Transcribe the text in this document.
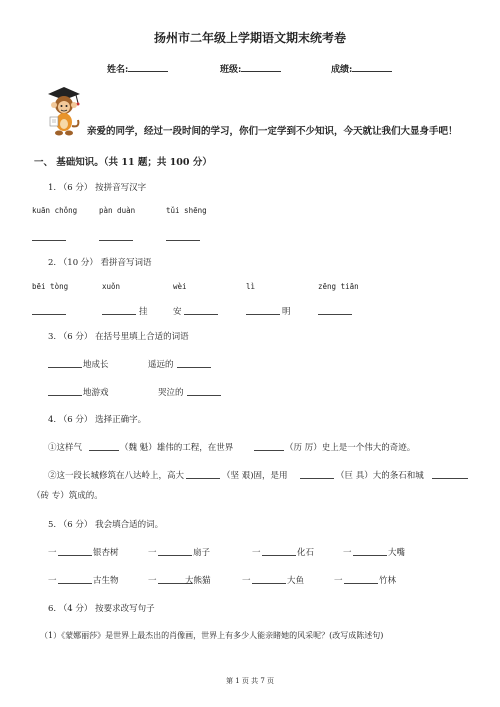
扬州市二年级上学期语文期末统考卷
姓名:	班级:	成绩:
亲爱的同学，经过一段时间的学习，你们一定学到不少知识，今天就让我们大显身手吧！
一、 基础知识。（共 11 题；共 100 分）
1. （6 分） 按拼音写汉字
kuān chǒng	pàn duàn	tǔi shēng
2. （10 分） 看拼音写词语
bēi tòng	xuǒn	wèi	lì	zēng tiān
挂	安	明
3. （6 分） 在括号里填上合适的词语
地成长	遥远的
地游戏	哭泣的
4. （6 分） 选择正确字。
①这样气	（魏 魁）雄伟的工程，在世界	（历 厉）史上是一个伟大的奇迹。
②这一段长城修筑在八达岭上，高大	（坚 艰)固，是用	（巨 具）大的条石和城
（砖 专）筑成的。
5. （6 分） 我会填合适的词。
一	银杏树	一	扇子	一	化石	一	大嘴
一	古生物	一	大熊猫	一	大鱼	一	竹林
6. （4 分） 按要求改写句子
（1）《蒙娜丽莎》是世界上最杰出的肖像画，世界上有多少人能亲睹她的风采呢？(改写成陈述句)
第 1 页 共 7 页
